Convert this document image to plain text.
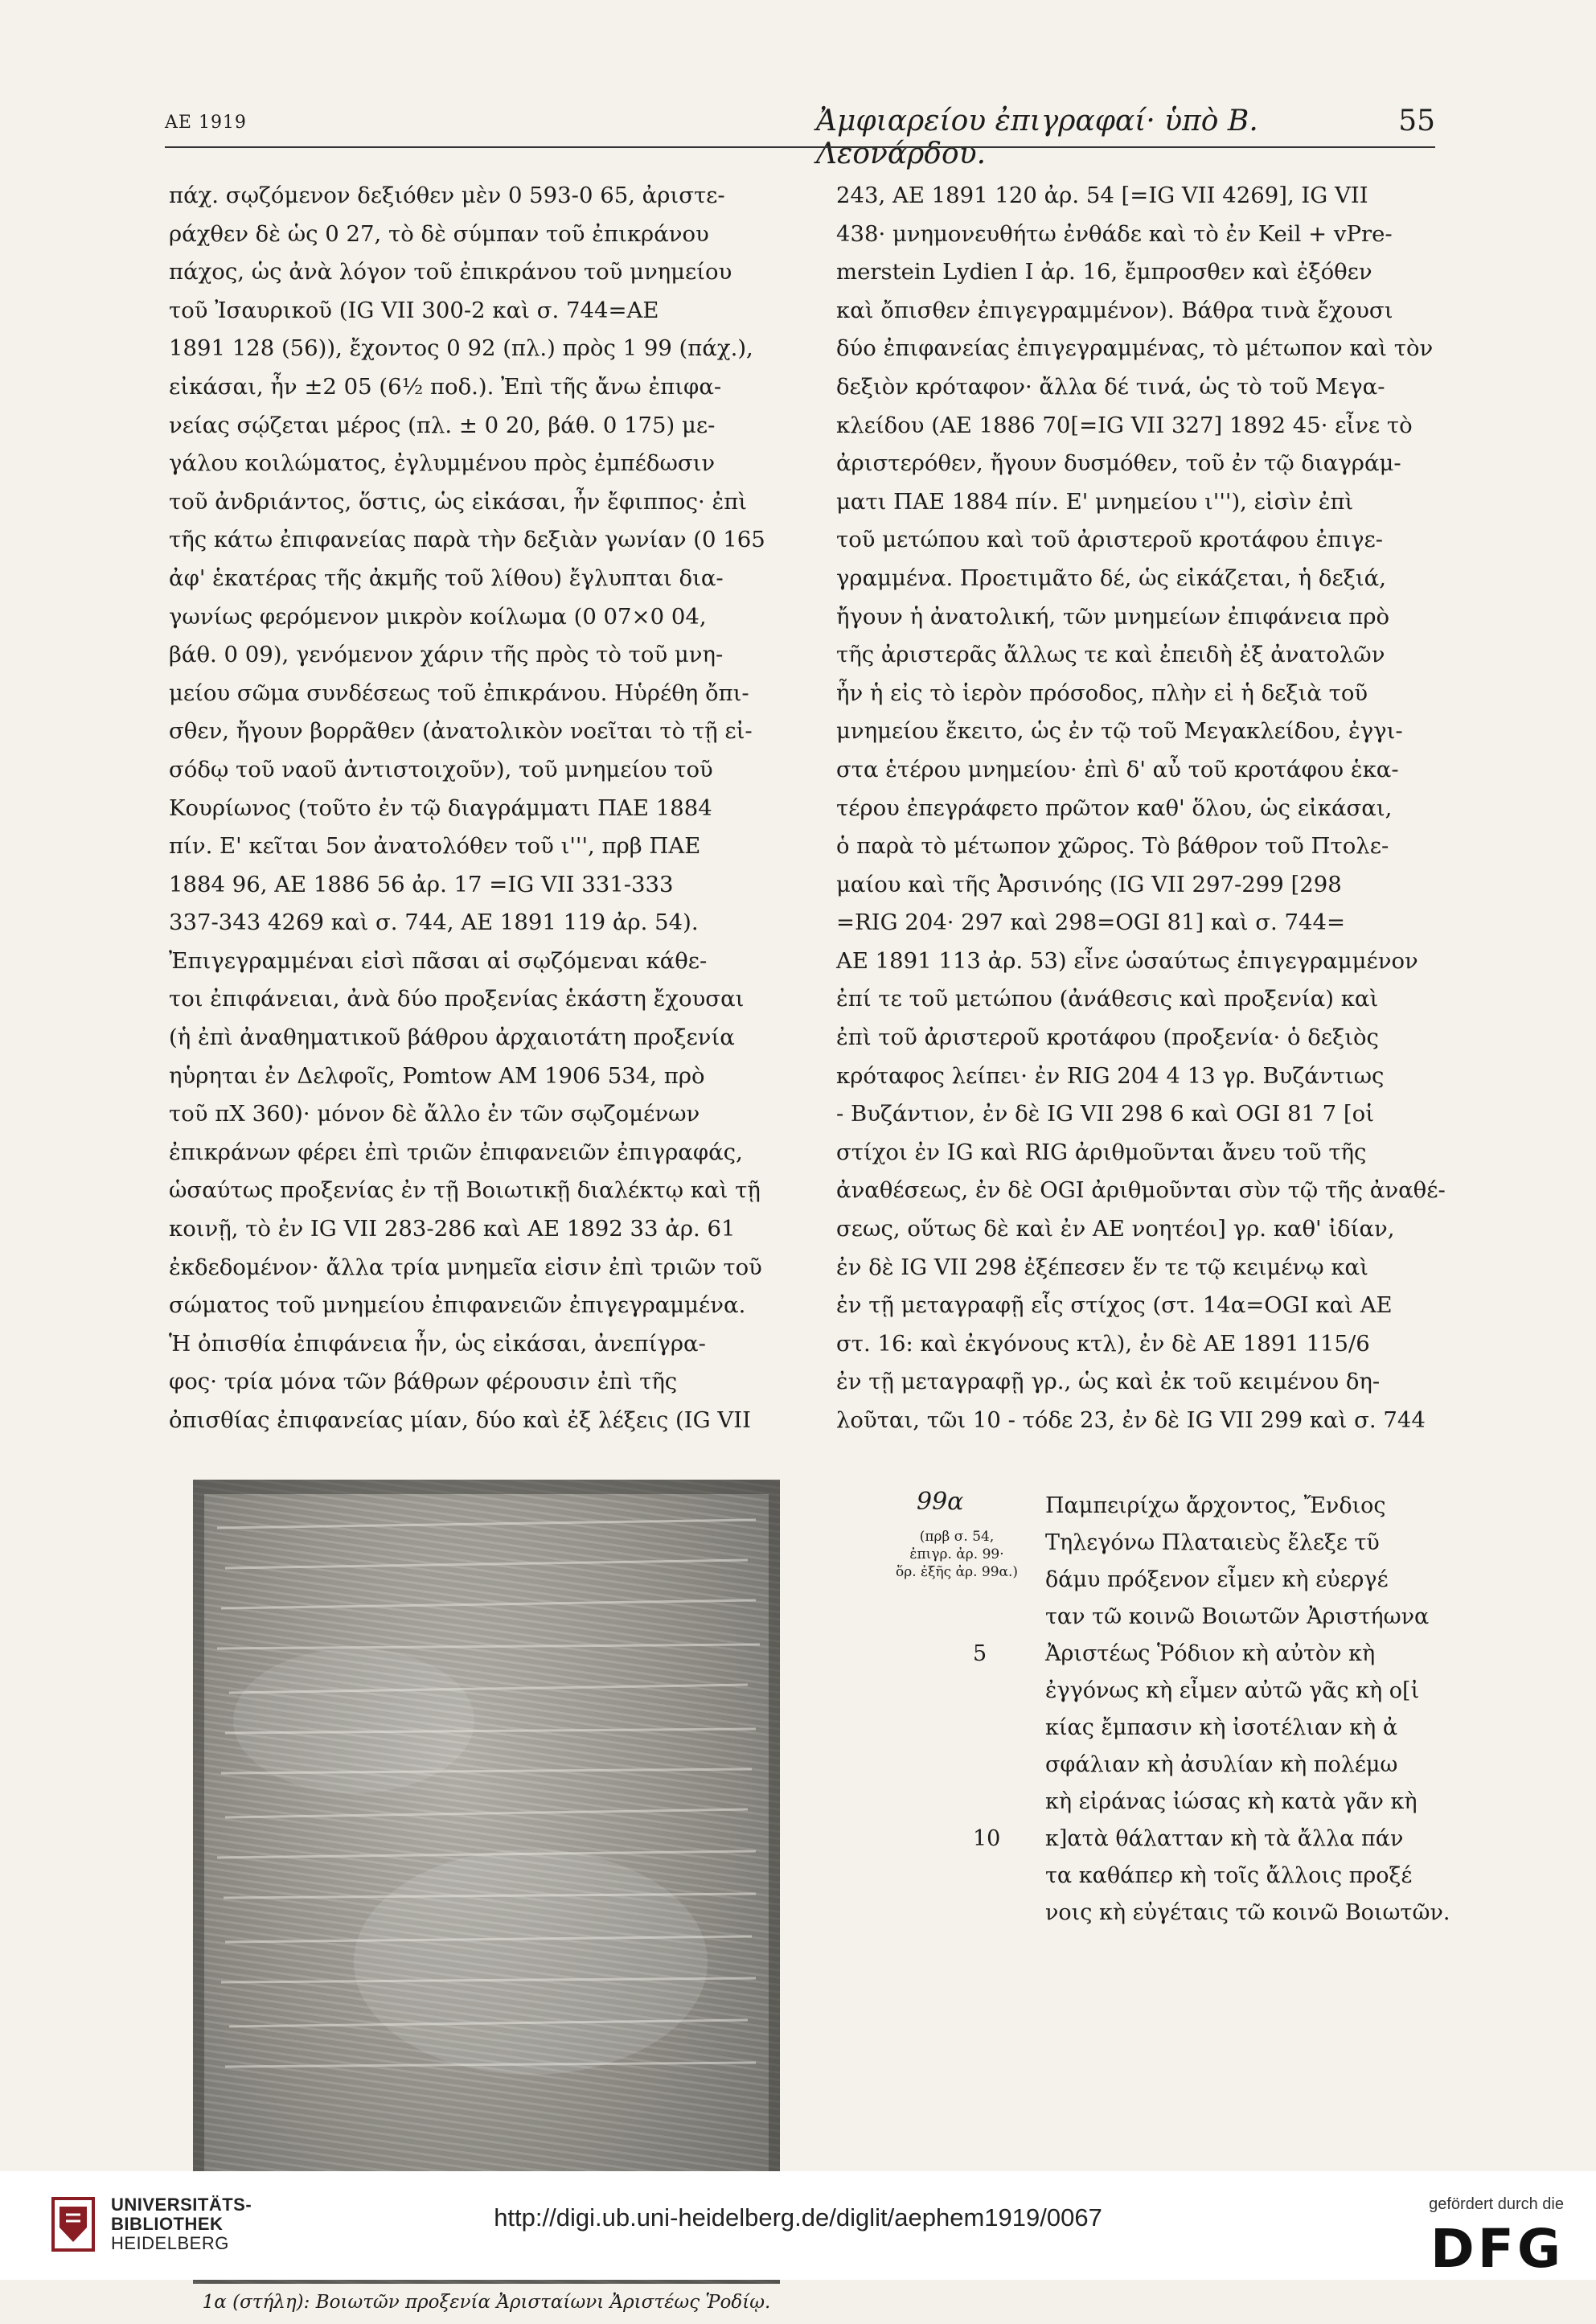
ΑΕ 1919	Ἀμφιαρείου ἐπιγραφαί· ὑπὸ Β. Λεονάρδου.
55
πάχ. σῳζόμενον δεξιόθεν μὲν 0 593-0 65, ἀριστε-
ράχθεν δὲ ὡς 0 27, τὸ δὲ σύμπαν τοῦ ἐπικράνου
πάχος, ὡς ἀνὰ λόγον τοῦ ἐπικράνου τοῦ μνημείου
τοῦ Ἰσαυρικοῦ (IG VII 300-2 καὶ σ. 744=ΑΕ
1891 128 (56)), ἔχοντος 0 92 (πλ.) πρὸς 1 99 (πάχ.),
εἰκάσαι, ἦν ±2 05 (6½ ποδ.). Ἐπὶ τῆς ἄνω ἐπιφα-
νείας σῴζεται μέρος (πλ. ± 0 20, βάθ. 0 175) με-
γάλου κοιλώματος, ἐγλυμμένου πρὸς ἐμπέδωσιν
τοῦ ἀνδριάντος, ὅστις, ὡς εἰκάσαι, ἦν ἔφιππος· ἐπὶ
τῆς κάτω ἐπιφανείας παρὰ τὴν δεξιὰν γωνίαν (0 165
ἀφ' ἑκατέρας τῆς ἀκμῆς τοῦ λίθου) ἔγλυπται δια-
γωνίως φερόμενον μικρὸν κοίλωμα (0 07×0 04,
βάθ. 0 09), γενόμενον χάριν τῆς πρὸς τὸ τοῦ μνη-
μείου σῶμα συνδέσεως τοῦ ἐπικράνου. Ηὑρέθη ὄπι-
σθεν, ἤγουν βορρᾶθεν (ἀνατολικὸν νοεῖται τὸ τῇ εἰ-
σόδῳ τοῦ ναοῦ ἀντιστοιχοῦν), τοῦ μνημείου τοῦ
Κουρίωνος (τοῦτο ἐν τῷ διαγράμματι ΠΑΕ 1884
πίν. Ε' κεῖται 5ον ἀνατολόθεν τοῦ ι''', πρβ ΠΑΕ
1884 96, ΑΕ 1886 56 ἀρ. 17 =IG VII 331-333
337-343 4269 καὶ σ. 744, ΑΕ 1891 119 ἀρ. 54).
Ἐπιγεγραμμέναι εἰσὶ πᾶσαι αἱ σῳζόμεναι κάθε-
τοι ἐπιφάνειαι, ἀνὰ δύο προξενίας ἑκάστη ἔχουσαι
(ἡ ἐπὶ ἀναθηματικοῦ βάθρου ἀρχαιοτάτη προξενία
ηὑρηται ἐν Δελφοῖς, Pomtow ΑΜ 1906 534, πρὸ
τοῦ πΧ 360)· μόνον δὲ ἄλλο ἐν τῶν σῳζομένων
ἐπικράνων φέρει ἐπὶ τριῶν ἐπιφανειῶν ἐπιγραφάς,
ὡσαύτως προξενίας ἐν τῇ Βοιωτικῇ διαλέκτῳ καὶ τῇ
κοινῇ, τὸ ἐν IG VII 283-286 καὶ ΑΕ 1892 33 ἀρ. 61
ἐκδεδομένον· ἄλλα τρία μνημεῖα εἰσιν ἐπὶ τριῶν τοῦ
σώματος τοῦ μνημείου ἐπιφανειῶν ἐπιγεγραμμένα.
Ἡ ὀπισθία ἐπιφάνεια ἦν, ὡς εἰκάσαι, ἀνεπίγρα-
φος· τρία μόνα τῶν βάθρων φέρουσιν ἐπὶ τῆς
ὀπισθίας ἐπιφανείας μίαν, δύο καὶ ἐξ λέξεις (IG VII
243, ΑΕ 1891 120 ἀρ. 54 [=IG VII 4269], IG VII
438· μνημονευθήτω ἐνθάδε καὶ τὸ ἐν Keil + vPre-
merstein Lydien I ἀρ. 16, ἔμπροσθεν καὶ ἐξόθεν
καὶ ὄπισθεν ἐπιγεγραμμένον). Βάθρα τινὰ ἔχουσι
δύο ἐπιφανείας ἐπιγεγραμμένας, τὸ μέτωπον καὶ τὸν
δεξιὸν κρόταφον· ἄλλα δέ τινά, ὡς τὸ τοῦ Μεγα-
κλείδου (ΑΕ 1886 70[=IG VII 327] 1892 45· εἶνε τὸ
ἀριστερόθεν, ἤγουν δυσμόθεν, τοῦ ἐν τῷ διαγράμ-
ματι ΠΑΕ 1884 πίν. Ε' μνημείου ι'''), εἰσὶν ἐπὶ
τοῦ μετώπου καὶ τοῦ ἀριστεροῦ κροτάφου ἐπιγε-
γραμμένα. Προετιμᾶτο δέ, ὡς εἰκάζεται, ἡ δεξιά,
ἤγουν ἡ ἀνατολική, τῶν μνημείων ἐπιφάνεια πρὸ
τῆς ἀριστερᾶς ἄλλως τε καὶ ἐπειδὴ ἐξ ἀνατολῶν
ἦν ἡ εἰς τὸ ἱερὸν πρόσοδος, πλὴν εἰ ἡ δεξιὰ τοῦ
μνημείου ἔκειτο, ὡς ἐν τῷ τοῦ Μεγακλείδου, ἐγγι-
στα ἑτέρου μνημείου· ἐπὶ δ' αὖ τοῦ κροτάφου ἑκα-
τέρου ἐπεγράφετο πρῶτον καθ' ὅλου, ὡς εἰκάσαι,
ὁ παρὰ τὸ μέτωπον χῶρος. Τὸ βάθρον τοῦ Πτολε-
μαίου καὶ τῆς Ἀρσινόης (IG VII 297-299 [298
=RIG 204· 297 καὶ 298=OGI 81] καὶ σ. 744=
ΑΕ 1891 113 ἀρ. 53) εἶνε ὡσαύτως ἐπιγεγραμμένον
ἐπί τε τοῦ μετώπου (ἀνάθεσις καὶ προξενία) καὶ
ἐπὶ τοῦ ἀριστεροῦ κροτάφου (προξενία· ὁ δεξιὸς
κρόταφος λείπει· ἐν RIG 204 4 13 γρ. Βυζάντιως
- Βυζάντιον, ἐν δὲ IG VII 298 6 καὶ OGI 81 7 [οἱ
στίχοι ἐν IG καὶ RIG ἀριθμοῦνται ἄνευ τοῦ τῆς
ἀναθέσεως, ἐν δὲ OGI ἀριθμοῦνται σὺν τῷ τῆς ἀναθέ-
σεως, οὕτως δὲ καὶ ἐν ΑΕ νοητέοι] γρ. καθ' ἰδίαν,
ἐν δὲ IG VII 298 ἐξέπεσεν ἕν τε τῷ κειμένῳ καὶ
ἐν τῇ μεταγραφῇ εἷς στίχος (στ. 14α=OGI καὶ ΑΕ
στ. 16: καὶ ἐκγόνους κτλ), ἐν δὲ ΑΕ 1891 115/6
ἐν τῇ μεταγραφῇ γρ., ὡς καὶ ἐκ τοῦ κειμένου δη-
λοῦται, τῶι 10 - τόδε 23, ἐν δὲ IG VII 299 καὶ σ. 744
1α (στήλη): Βοιωτῶν προξενία Ἀρισταίωνι Ἀριστέως Ῥοδίῳ.
99α
(πρβ σ. 54,
ἐπιγρ. ἀρ. 99·
ὅρ. ἐξῆς ἀρ. 99α.)
5
10
Παμπειρίχω ἄρχοντος, Ἔνδιος
Τηλεγόνω Πλαταιεὺς ἔλεξε τῦ
δάμυ πρόξενον εἶμεν κὴ εὐεργέ
ταν τῶ κοινῶ Βοιωτῶν Ἀριστήωνα
Ἀριστέως Ῥόδιον κὴ αὐτὸν κὴ
ἐγγόνως κὴ εἶμεν αὐτῶ γᾶς κὴ ο[ἰ
κίας ἔμπασιν κὴ ἰσοτέλιαν κὴ ἀ
σφάλιαν κὴ ἀσυλίαν κὴ πολέμω
κὴ εἰράνας ἰώσας κὴ κατὰ γᾶν κὴ
κ]ατὰ θάλατταν κὴ τὰ ἄλλα πάν
τα καθάπερ κὴ τοῖς ἄλλοις προξέ
νοις κὴ εὐγέταις τῶ κοινῶ Βοιωτῶν.
UNIVERSITÄTS-
BIBLIOTHEK
HEIDELBERG
http://digi.ub.uni-heidelberg.de/diglit/aephem1919/0067	gefördert durch die
DFG
